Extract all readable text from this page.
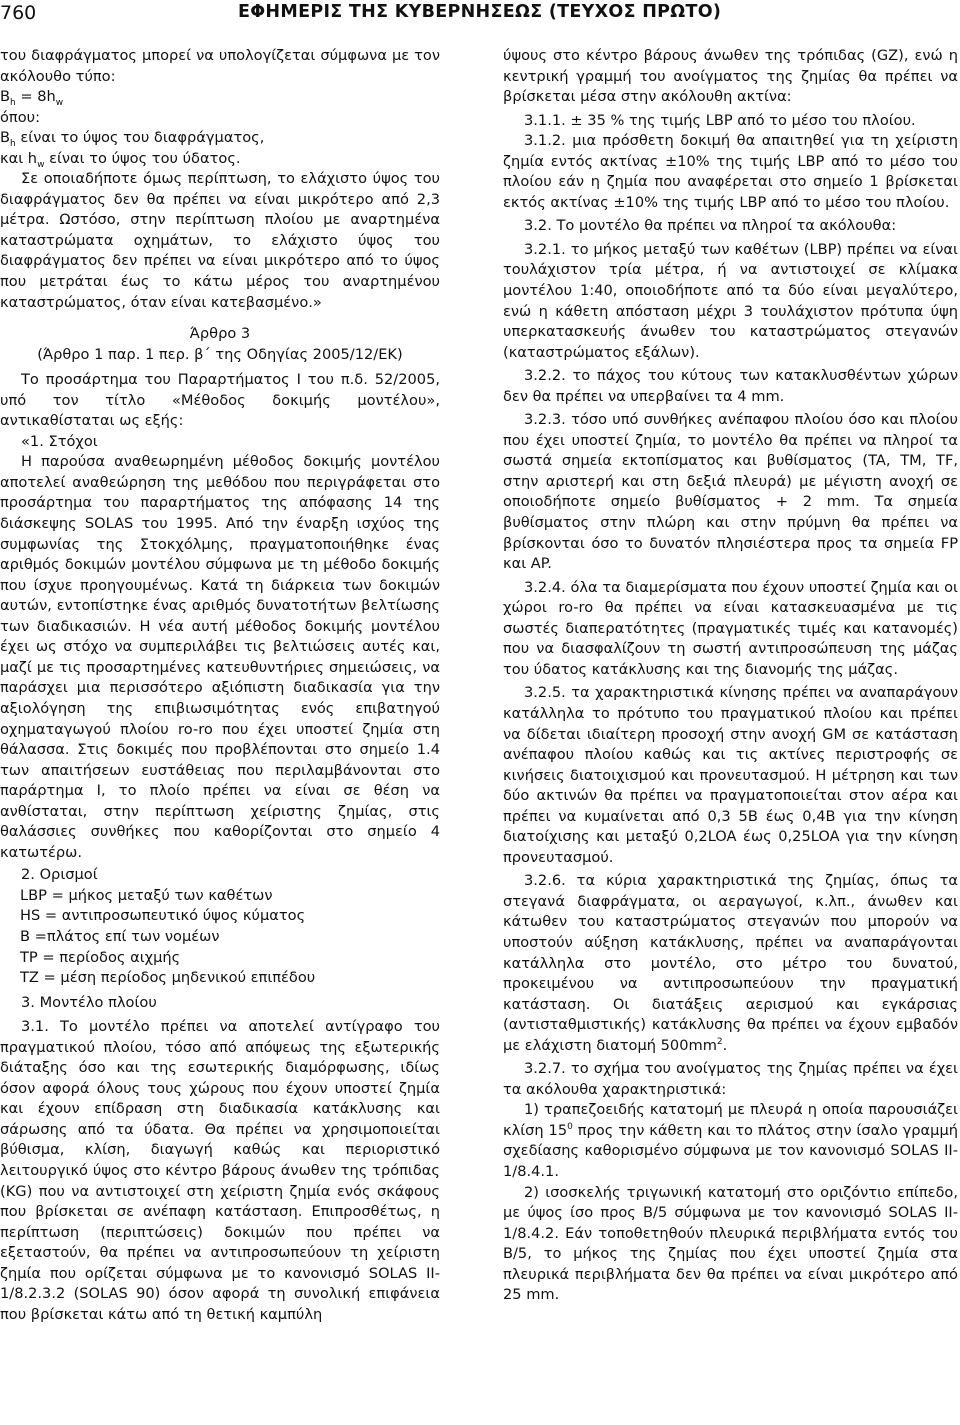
760	ΕΦΗΜΕΡΙΣ ΤΗΣ ΚΥΒΕΡΝΗΣΕΩΣ (ΤΕΥΧΟΣ ΠΡΩΤΟ)

του διαφράγματος μπορεί να υπολογίζεται σύμφωνα με τον ακόλουθο τύπο:

$B_h = 8h_w$

όπου:

$B_h$ είναι το ύψος του διαφράγματος,

και $h_w$ είναι το ύψος του ύδατος.

Σε οποιαδήποτε όμως περίπτωση, το ελάχιστο ύψος του διαφράγματος δεν θα πρέπει να είναι μικρότερο από 2,3 μέτρα. Ωστόσο, στην περίπτωση πλοίου με αναρτημένα καταστρώματα οχημάτων, το ελάχιστο ύψος του διαφράγματος δεν πρέπει να είναι μικρότερο από το ύψος που μετράται έως το κάτω μέρος του αναρτημένου καταστρώματος, όταν είναι κατεβασμένο.»

Άρθρο 3

(Άρθρο 1 παρ. 1 περ. β΄ της Οδηγίας 2005/12/ΕΚ)

Το προσάρτημα του Παραρτήματος I του π.δ. 52/2005, υπό τον τίτλο «Μέθοδος δοκιμής μοντέλου», αντικαθίσταται ως εξής:

«1. Στόχοι

Η παρούσα αναθεωρημένη μέθοδος δοκιμής μοντέλου αποτελεί αναθεώρηση της μεθόδου που περιγράφεται στο προσάρτημα του παραρτήματος της απόφασης 14 της διάσκεψης SOLAS του 1995. Από την έναρξη ισχύος της συμφωνίας της Στοκχόλμης, πραγματοποιήθηκε ένας αριθμός δοκιμών μοντέλου σύμφωνα με τη μέθοδο δοκιμής που ίσχυε προηγουμένως. Κατά τη διάρκεια των δοκιμών αυτών, εντοπίστηκε ένας αριθμός δυνατοτήτων βελτίωσης των διαδικασιών. Η νέα αυτή μέθοδος δοκιμής μοντέλου έχει ως στόχο να συμπεριλάβει τις βελτιώσεις αυτές και, μαζί με τις προσαρτημένες κατευθυντήριες σημειώσεις, να παράσχει μια περισσότερο αξιόπιστη διαδικασία για την αξιολόγηση της επιβιωσιμότητας ενός επιβατηγού οχηματαγωγού πλοίου ro-ro που έχει υποστεί ζημία στη θάλασσα. Στις δοκιμές που προβλέπονται στο σημείο 1.4 των απαιτήσεων ευστάθειας που περιλαμβάνονται στο παράρτημα I, το πλοίο πρέπει να είναι σε θέση να ανθίσταται, στην περίπτωση χείριστης ζημίας, στις θαλάσσιες συνθήκες που καθορίζονται στο σημείο 4 κατωτέρω.

2. Ορισμοί

LBP = μήκος μεταξύ των καθέτων

HS = αντιπροσωπευτικό ύψος κύματος

B =πλάτος επί των νομέων

TP = περίοδος αιχμής

TZ = μέση περίοδος μηδενικού επιπέδου

3. Μοντέλο πλοίου

3.1. Το μοντέλο πρέπει να αποτελεί αντίγραφο του πραγματικού πλοίου, τόσο από απόψεως της εξωτερικής διάταξης όσο και της εσωτερικής διαμόρφωσης, ιδίως όσον αφορά όλους τους χώρους που έχουν υποστεί ζημία και έχουν επίδραση στη διαδικασία κατάκλυσης και σάρωσης από τα ύδατα. Θα πρέπει να χρησιμοποιείται βύθισμα, κλίση, διαγωγή καθώς και περιοριστικό λειτουργικό ύψος στο κέντρο βάρους άνωθεν της τρόπιδας (KG) που να αντιστοιχεί στη χείριστη ζημία ενός σκάφους που βρίσκεται σε ανέπαφη κατάσταση. Επιπροσθέτως, η περίπτωση (περιπτώσεις) δοκιμών που πρέπει να εξεταστούν, θα πρέπει να αντιπροσωπεύουν τη χείριστη ζημία που ορίζεται σύμφωνα με το κανονισμό SOLAS II-1/8.2.3.2 (SOLAS 90) όσον αφορά τη συνολική επιφάνεια που βρίσκεται κάτω από τη θετική καμπύλη

ύψους στο κέντρο βάρους άνωθεν της τρόπιδας (GZ), ενώ η κεντρική γραμμή του ανοίγματος της ζημίας θα πρέπει να βρίσκεται μέσα στην ακόλουθη ακτίνα:

3.1.1. ± 35 % της τιμής LBP από το μέσο του πλοίου.

3.1.2. μια πρόσθετη δοκιμή θα απαιτηθεί για τη χείριστη ζημία εντός ακτίνας ±10% της τιμής LBP από το μέσο του πλοίου εάν η ζημία που αναφέρεται στο σημείο 1 βρίσκεται εκτός ακτίνας ±10% της τιμής LBP από το μέσο του πλοίου.

3.2. Το μοντέλο θα πρέπει να πληροί τα ακόλουθα:

3.2.1. το μήκος μεταξύ των καθέτων (LBP) πρέπει να είναι τουλάχιστον τρία μέτρα, ή να αντιστοιχεί σε κλίμακα μοντέλου 1:40, οποιοδήποτε από τα δύο είναι μεγαλύτερο, ενώ η κάθετη απόσταση μέχρι 3 τουλάχιστον πρότυπα ύψη υπερκατασκευής άνωθεν του καταστρώματος στεγανών (καταστρώματος εξάλων).

3.2.2. το πάχος του κύτους των κατακλυσθέντων χώρων δεν θα πρέπει να υπερβαίνει τα 4 mm.

3.2.3. τόσο υπό συνθήκες ανέπαφου πλοίου όσο και πλοίου που έχει υποστεί ζημία, το μοντέλο θα πρέπει να πληροί τα σωστά σημεία εκτοπίσματος και βυθίσματος (TA, TM, TF, στην αριστερή και στη δεξιά πλευρά) με μέγιστη ανοχή σε οποιοδήποτε σημείο βυθίσματος + 2 mm. Τα σημεία βυθίσματος στην πλώρη και στην πρύμνη θα πρέπει να βρίσκονται όσο το δυνατόν πλησιέστερα προς τα σημεία FP και AP.

3.2.4. όλα τα διαμερίσματα που έχουν υποστεί ζημία και οι χώροι ro-ro θα πρέπει να είναι κατασκευασμένα με τις σωστές διαπερατότητες (πραγματικές τιμές και κατανομές) που να διασφαλίζουν τη σωστή αντιπροσώπευση της μάζας του ύδατος κατάκλυσης και της διανομής της μάζας.

3.2.5. τα χαρακτηριστικά κίνησης πρέπει να αναπαράγουν κατάλληλα το πρότυπο του πραγματικού πλοίου και πρέπει να δίδεται ιδιαίτερη προσοχή στην ανοχή GM σε κατάσταση ανέπαφου πλοίου καθώς και τις ακτίνες περιστροφής σε κινήσεις διατοιχισμού και προνευτασμού. Η μέτρηση και των δύο ακτινών θα πρέπει να πραγματοποιείται στον αέρα και πρέπει να κυμαίνεται από 0,3 5B έως 0,4B για την κίνηση διατοίχισης και μεταξύ 0,2LOA έως 0,25LOA για την κίνηση προνευτασμού.

3.2.6. τα κύρια χαρακτηριστικά της ζημίας, όπως τα στεγανά διαφράγματα, οι αεραγωγοί, κ.λπ., άνωθεν και κάτωθεν του καταστρώματος στεγανών που μπορούν να υποστούν αύξηση κατάκλυσης, πρέπει να αναπαράγονται κατάλληλα στο μοντέλο, στο μέτρο του δυνατού, προκειμένου να αντιπροσωπεύουν την πραγματική κατάσταση. Οι διατάξεις αερισμού και εγκάρσιας (αντισταθμιστικής) κατάκλυσης θα πρέπει να έχουν εμβαδόν με ελάχιστη διατομή $500mm^2$.

3.2.7. το σχήμα του ανοίγματος της ζημίας πρέπει να έχει τα ακόλουθα χαρακτηριστικά:

1) τραπεζοειδής κατατομή με πλευρά η οποία παρουσιάζει κλίση $15^0$ προς την κάθετη και το πλάτος στην ίσαλο γραμμή σχεδίασης καθορισμένο σύμφωνα με τον κανονισμό SOLAS II-1/8.4.1.

2) ισοσκελής τριγωνική κατατομή στο οριζόντιο επίπεδο, με ύψος ίσο προς B/5 σύμφωνα με τον κανονισμό SOLAS II-1/8.4.2. Εάν τοποθετηθούν πλευρικά περιβλήματα εντός του B/5, το μήκος της ζημίας που έχει υποστεί ζημία στα πλευρικά περιβλήματα δεν θα πρέπει να είναι μικρότερο από 25 mm.
